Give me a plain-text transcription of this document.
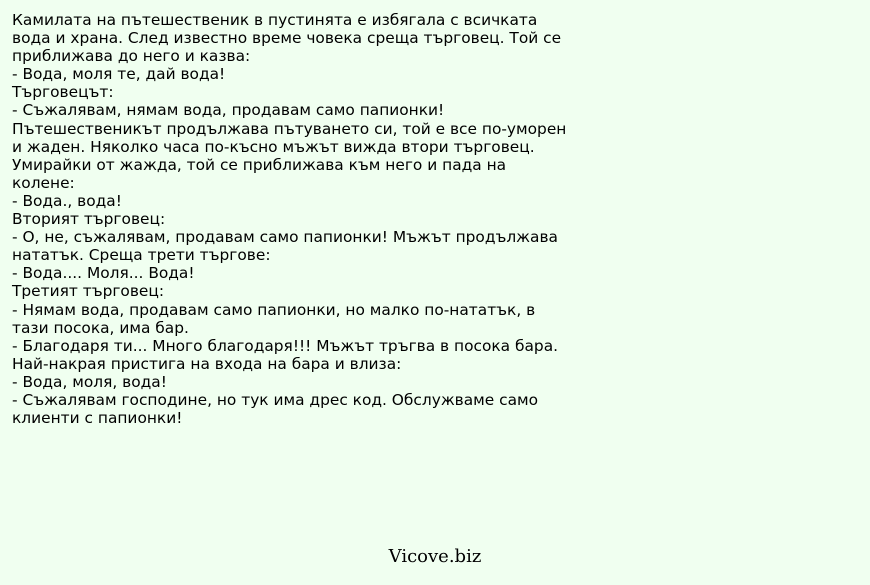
Камилата на пътешественик в пустинята е избягала с всичката
вода и храна. След известно време човека среща търговец. Той се
приближава до него и казва:
- Вода, моля те, дай вода!
Търговецът:
- Съжалявам, нямам вода, продавам само папионки!
Пътешественикът продължава пътуването си, той е все по-уморен
и жаден. Няколко часа по-късно мъжът вижда втори търговец.
Умирайки от жажда, той се приближава към него и пада на
колене:
- Вода., вода!
Вторият търговец:
- О, не, съжалявам, продавам само папионки! Мъжът продължава
нататък. Среща трети търгове:
- Вода.... Моля... Вода!
Третият търговец:
- Нямам вода, продавам само папионки, но малко по-нататък, в
тази посока, има бар.
- Благодаря ти... Много благодаря!!! Мъжът тръгва в посока бара.
Най-накрая пристига на входа на бара и влиза:
- Вода, моля, вода!
- Съжалявам господине, но тук има дрес код. Обслужваме само
клиенти с папионки!
Vicove.biz
